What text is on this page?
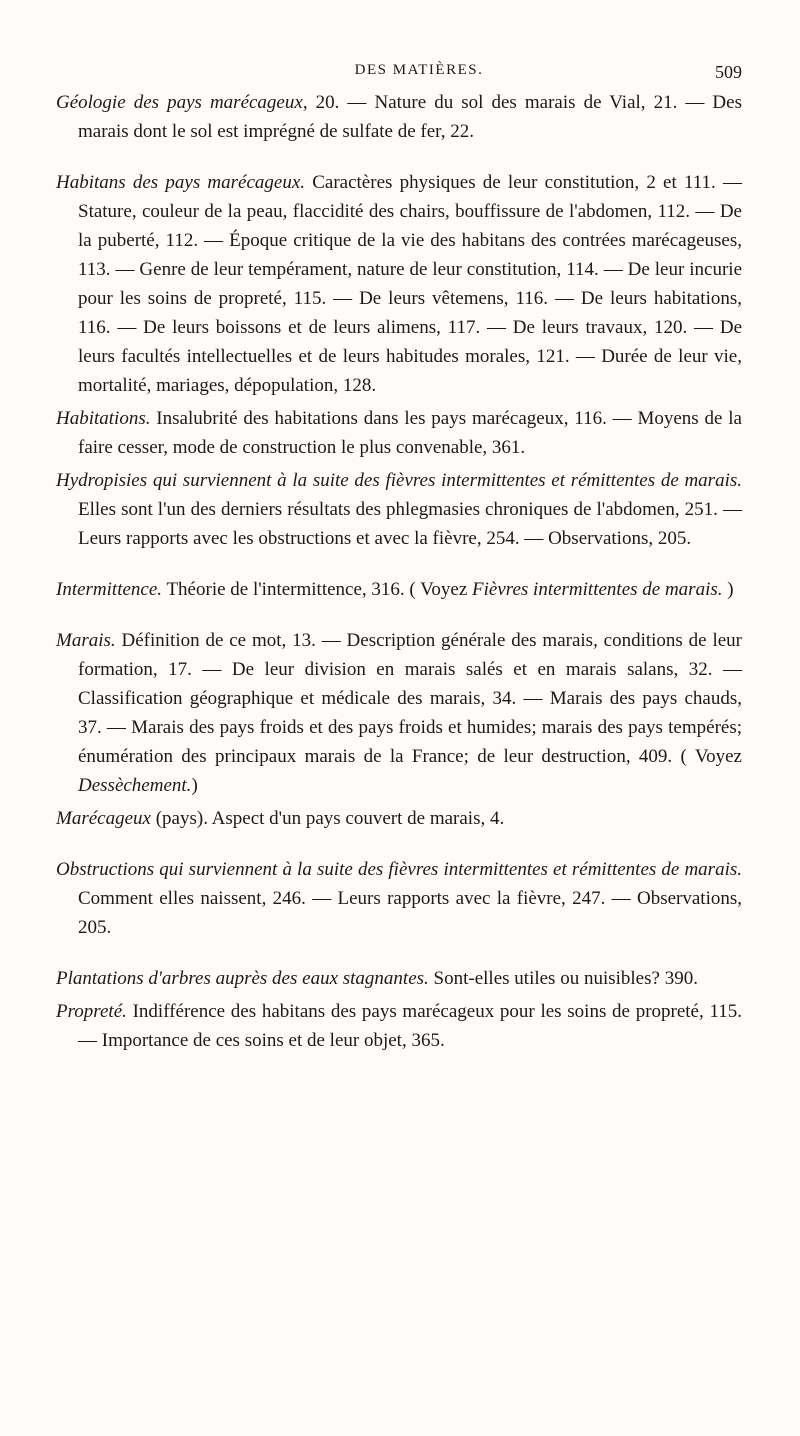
DES MATIÈRES.	509

Géologie des pays marécageux, 20. — Nature du sol des marais de Vial, 21. — Des marais dont le sol est imprégné de sulfate de fer, 22.

Habitans des pays marécageux. Caractères physiques de leur constitution, 2 et 111. — Stature, couleur de la peau, flaccidité des chairs, bouffissure de l'abdomen, 112. — De la puberté, 112. — Époque critique de la vie des habitans des contrées marécageuses, 113. — Genre de leur tempérament, nature de leur constitution, 114. — De leur incurie pour les soins de propreté, 115. — De leurs vêtemens, 116. — De leurs habitations, 116. — De leurs boissons et de leurs alimens, 117. — De leurs travaux, 120. — De leurs facultés intellectuelles et de leurs habitudes morales, 121. — Durée de leur vie, mortalité, mariages, dépopulation, 128.

Habitations. Insalubrité des habitations dans les pays marécageux, 116. — Moyens de la faire cesser, mode de construction le plus convenable, 361.

Hydropisies qui surviennent à la suite des fièvres intermittentes et rémittentes de marais. Elles sont l'un des derniers résultats des phlegmasies chroniques de l'abdomen, 251. — Leurs rapports avec les obstructions et avec la fièvre, 254. — Observations, 205.

Intermittence. Théorie de l'intermittence, 316. ( Voyez Fièvres intermittentes de marais. )

Marais. Définition de ce mot, 13. — Description générale des marais, conditions de leur formation, 17. — De leur division en marais salés et en marais salans, 32. — Classification géographique et médicale des marais, 34. — Marais des pays chauds, 37. — Marais des pays froids et des pays froids et humides; marais des pays tempérés; énumération des principaux marais de la France; de leur destruction, 409. ( Voyez Dessèchement.)

Marécageux (pays). Aspect d'un pays couvert de marais, 4.

Obstructions qui surviennent à la suite des fièvres intermittentes et rémittentes de marais. Comment elles naissent, 246. — Leurs rapports avec la fièvre, 247. — Observations, 205.

Plantations d'arbres auprès des eaux stagnantes. Sont-elles utiles ou nuisibles? 390.

Propreté. Indifférence des habitans des pays marécageux pour les soins de propreté, 115. — Importance de ces soins et de leur objet, 365.
